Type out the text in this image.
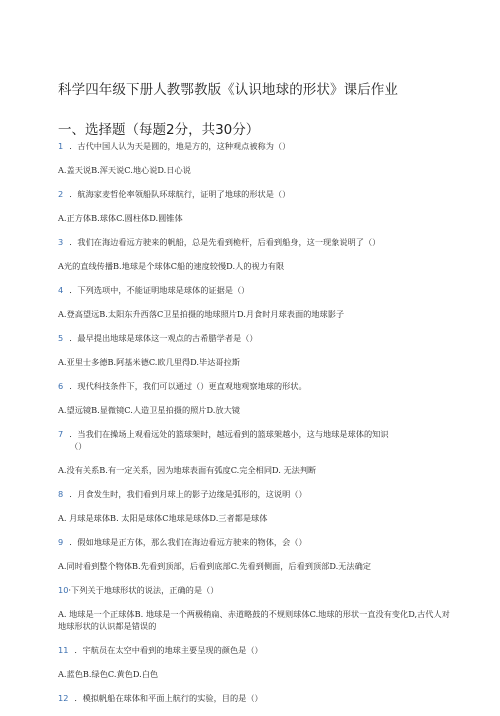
科学四年级下册人教鄂教版《认识地球的形状》课后作业
一、选择题（每题2分，共30分）
1 ．古代中国人认为天是圆的，地是方的，这种观点被称为（）
A.盖天说B.浑天说C.地心说D.日心说
2 ．航海家麦哲伦率领船队环球航行，证明了地球的形状是（）
A.正方体B.球体C.圆柱体D.圆锥体
3 ．我们在海边看远方驶来的帆船，总是先看到桅杆，后看到船身，这一现象说明了（）
A光的直线传播B.地球是个球体C船的速度较慢D.人的视力有限
4 ．下列选项中，不能证明地球是球体的证据是（）
A.登高望远B.太阳东升西落C卫星拍摄的地球照片D.月食时月球表面的地球影子
5 ．最早提出地球是球体这一观点的古希腊学者是（）
A.亚里士多德B.阿基米德C.欧几里得D.毕达哥拉斯
6 ．现代科技条件下，我们可以通过（）更直观地观察地球的形状。
A.望远镜B.显微镜C.人造卫星拍摄的照片D.放大镜
7 ．当我们在操场上观看远处的篮球架时，越远看到的篮球架越小，这与地球是球体的知识
（）
A.没有关系B.有一定关系，因为地球表面有弧度C.完全相同D. 无法判断
8 ．月食发生时，我们看到月球上的影子边缘是弧形的，这说明（）
A. 月球是球体B. 太阳是球体C地球是球体D.三者都是球体
9 ．假如地球是正方体，那么我们在海边看远方驶来的物体，会（）
A.同时看到整个物体B.先看到顶部，后看到底部C.先看到侧面，后看到顶部D.无法确定
10·下列关于地球形状的说法，正确的是（）
A. 地球是一个正球体B. 地球是一个两极稍扁、赤道略鼓的不规则球体C.地球的形状一直没有变化D,古代人对地球形状的认识都是错误的
11 ．宇航员在太空中看到的地球主要呈现的颜色是（）
A.蓝色B.绿色C.黄色D.白色
12 ．模拟帆船在球体和平面上航行的实验，目的是（）
